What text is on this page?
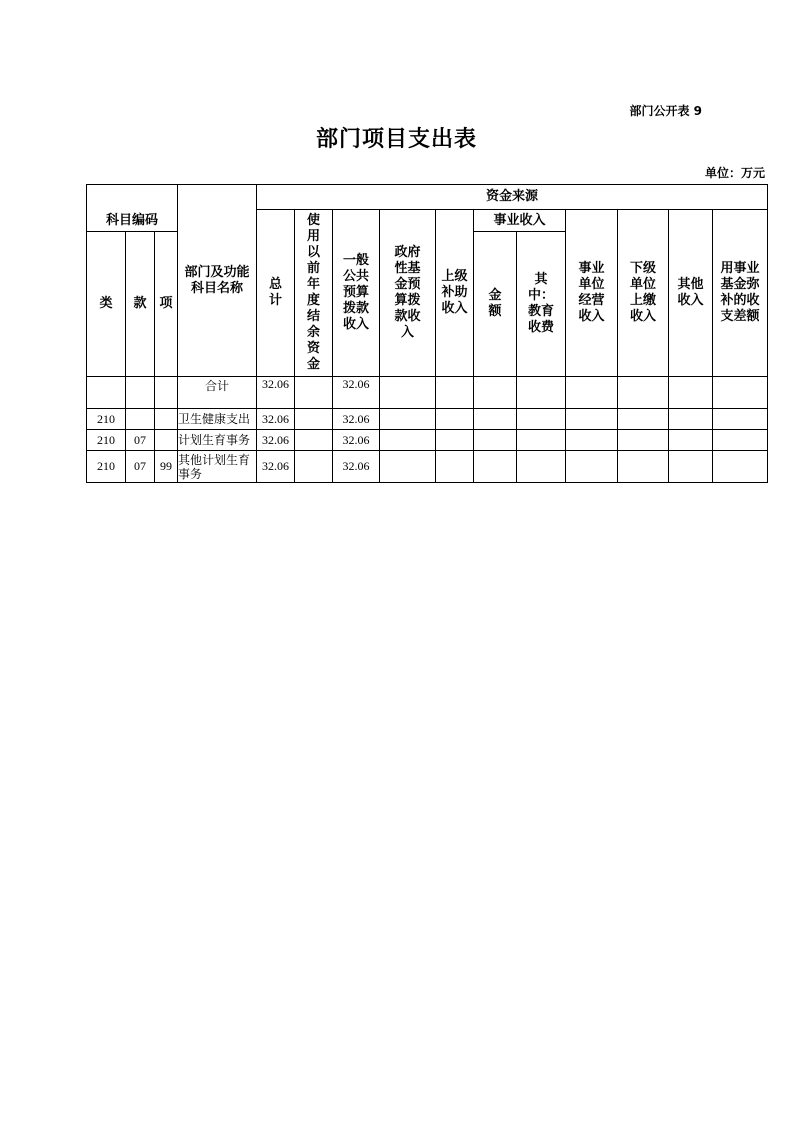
部门公开表 9
部门项目支出表
单位：万元
科目编码			部门及功能科目名称	资金来源										
				总计	使用以前年度结余资金	一般公共预算拨款收入	政府性基金预算拨款收入	上级补助收入	事业收入		事业单位经营收入	下级单位上缴收入	其他收入	用事业基金弥补的收支差额
类	款	项							金额	其中：教育收费				

			合计	32.06		32.06								
210			卫生健康支出	32.06		32.06								
210	07		计划生育事务	32.06		32.06								
210	07	99	其他计划生育事务	32.06		32.06								
